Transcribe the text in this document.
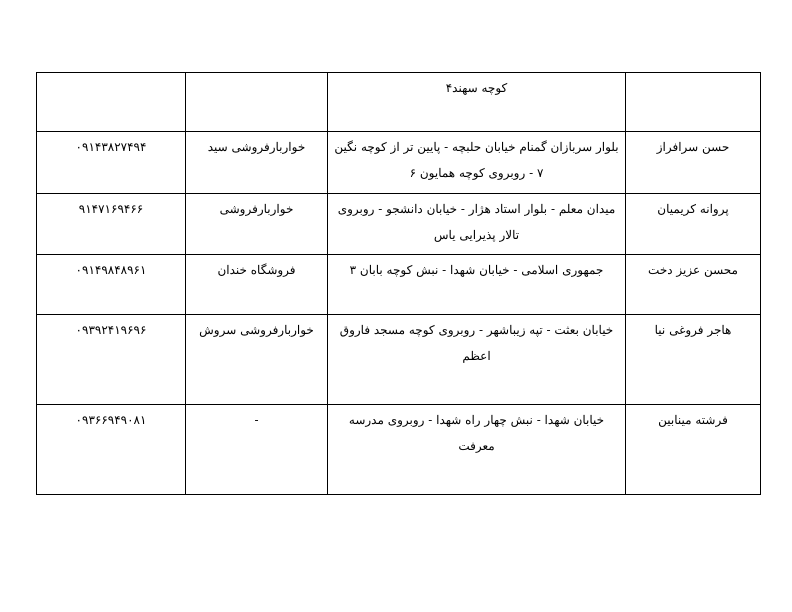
	کوچه سهند۴		
حسن سرافراز	بلوار سربازان گمنام خیابان حلبچه - پایین تر از کوچه نگین ۷ - روبروی کوچه همایون ۶	خواربارفروشی سید	۰۹۱۴۳۸۲۷۴۹۴
پروانه کریمیان	میدان معلم - بلوار استاد هژار - خیابان دانشجو - روبروی تالار پذیرایی یاس	خواربارفروشی	۹۱۴۷۱۶۹۴۶۶
محسن عزیز دخت	جمهوری اسلامی - خیابان شهدا - نبش کوچه بابان ۳	فروشگاه خندان	۰۹۱۴۹۸۴۸۹۶۱
هاجر فروغی نیا	خیابان بعثت - تپه زیباشهر - روبروی کوچه مسجد فاروق اعظم	خواربارفروشی سروش	۰۹۳۹۲۴۱۹۶۹۶
فرشته مینابین	خیابان شهدا - نبش چهار راه شهدا - روبروی مدرسه معرفت	-	۰۹۳۶۶۹۴۹۰۸۱
